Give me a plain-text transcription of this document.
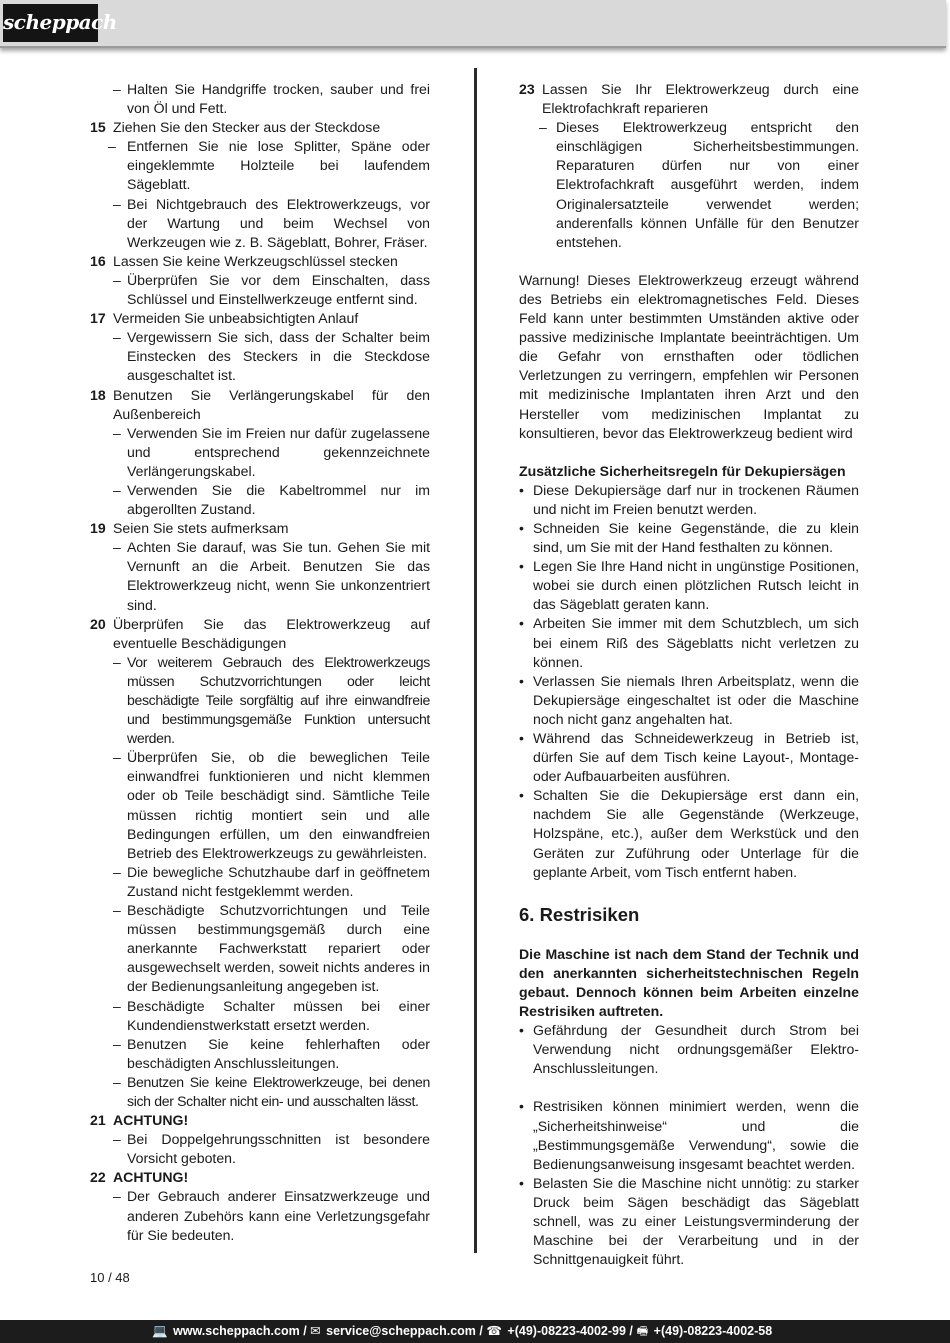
scheppach
– Halten Sie Handgriffe trocken, sauber und frei von Öl und Fett.
15 Ziehen Sie den Stecker aus der Steckdose
– Entfernen Sie nie lose Splitter, Späne oder eingeklemmte Holzteile bei laufendem Sägeblatt.
– Bei Nichtgebrauch des Elektrowerkzeugs, vor der Wartung und beim Wechsel von Werkzeugen wie z. B. Sägeblatt, Bohrer, Fräser.
16 Lassen Sie keine Werkzeugschlüssel stecken
– Überprüfen Sie vor dem Einschalten, dass Schlüssel und Einstellwerkzeuge entfernt sind.
17 Vermeiden Sie unbeabsichtigten Anlauf
– Vergewissern Sie sich, dass der Schalter beim Einstecken des Steckers in die Steckdose ausgeschaltet ist.
18 Benutzen Sie Verlängerungskabel für den Außenbereich
– Verwenden Sie im Freien nur dafür zugelassene und entsprechend gekennzeichnete Verlängerungskabel.
– Verwenden Sie die Kabeltrommel nur im abgerollten Zustand.
19 Seien Sie stets aufmerksam
– Achten Sie darauf, was Sie tun. Gehen Sie mit Vernunft an die Arbeit. Benutzen Sie das Elektrowerkzeug nicht, wenn Sie unkonzentriert sind.
20 Überprüfen Sie das Elektrowerkzeug auf eventuelle Beschädigungen
– Vor weiterem Gebrauch des Elektrowerkzeugs müssen Schutzvorrichtungen oder leicht beschädigte Teile sorgfältig auf ihre einwandfreie und bestimmungsgemäße Funktion untersucht werden.
– Überprüfen Sie, ob die beweglichen Teile einwandfrei funktionieren und nicht klemmen oder ob Teile beschädigt sind. Sämtliche Teile müssen richtig montiert sein und alle Bedingungen erfüllen, um den einwandfreien Betrieb des Elektrowerkzeugs zu gewährleisten.
– Die bewegliche Schutzhaube darf in geöffnetem Zustand nicht festgeklemmt werden.
– Beschädigte Schutzvorrichtungen und Teile müssen bestimmungsgemäß durch eine anerkannte Fachwerkstatt repariert oder ausgewechselt werden, soweit nichts anderes in der Bedienungsanleitung angegeben ist.
– Beschädigte Schalter müssen bei einer Kundendienstwerkstatt ersetzt werden.
– Benutzen Sie keine fehlerhaften oder beschädigten Anschlussleitungen.
– Benutzen Sie keine Elektrowerkzeuge, bei denen sich der Schalter nicht ein- und ausschalten lässt.
21 ACHTUNG!
– Bei Doppelgehrungsschnitten ist besondere Vorsicht geboten.
22 ACHTUNG!
– Der Gebrauch anderer Einsatzwerkzeuge und anderen Zubehörs kann eine Verletzungsgefahr für Sie bedeuten.
23 Lassen Sie Ihr Elektrowerkzeug durch eine Elektrofachkraft reparieren
– Dieses Elektrowerkzeug entspricht den einschlägigen Sicherheitsbestimmungen. Reparaturen dürfen nur von einer Elektrofachkraft ausgeführt werden, indem Originalersatzteile verwendet werden; anderenfalls können Unfälle für den Benutzer entstehen.
Warnung! Dieses Elektrowerkzeug erzeugt während des Betriebs ein elektromagnetisches Feld. Dieses Feld kann unter bestimmten Umständen aktive oder passive medizinische Implantate beeinträchtigen. Um die Gefahr von ernsthaften oder tödlichen Verletzungen zu verringern, empfehlen wir Personen mit medizinische Implantaten ihren Arzt und den Hersteller vom medizinischen Implantat zu konsultieren, bevor das Elektrowerkzeug bedient wird
Zusätzliche Sicherheitsregeln für Dekupiersägen
• Diese Dekupiersäge darf nur in trockenen Räumen und nicht im Freien benutzt werden.
• Schneiden Sie keine Gegenstände, die zu klein sind, um Sie mit der Hand festhalten zu können.
• Legen Sie Ihre Hand nicht in ungünstige Positionen, wobei sie durch einen plötzlichen Rutsch leicht in das Sägeblatt geraten kann.
• Arbeiten Sie immer mit dem Schutzblech, um sich bei einem Riß des Sägeblatts nicht verletzen zu können.
• Verlassen Sie niemals Ihren Arbeitsplatz, wenn die Dekupiersäge eingeschaltet ist oder die Maschine noch nicht ganz angehalten hat.
• Während das Schneidewerkzeug in Betrieb ist, dürfen Sie auf dem Tisch keine Layout-, Montage- oder Aufbauarbeiten ausführen.
• Schalten Sie die Dekupiersäge erst dann ein, nachdem Sie alle Gegenstände (Werkzeuge, Holzspäne, etc.), außer dem Werkstück und den Geräten zur Zuführung oder Unterlage für die geplante Arbeit, vom Tisch entfernt haben.
6. Restrisiken
Die Maschine ist nach dem Stand der Technik und den anerkannten sicherheitstechnischen Regeln gebaut. Dennoch können beim Arbeiten einzelne Restrisiken auftreten.
• Gefährdung der Gesundheit durch Strom bei Verwendung nicht ordnungsgemäßer Elektro-Anschlussleitungen.
• Restrisiken können minimiert werden, wenn die „Sicherheitshinweise“ und die „Bestimmungsgemäße Verwendung“, sowie die Bedienungsanweisung insgesamt beachtet werden.
• Belasten Sie die Maschine nicht unnötig: zu starker Druck beim Sägen beschädigt das Sägeblatt schnell, was zu einer Leistungsverminderung der Maschine bei der Verarbeitung und in der Schnittgenauigkeit führt.
10 / 48
💻 www.scheppach.com / ✉ service@scheppach.com / ☎ +(49)-08223-4002-99 / 🖷 +(49)-08223-4002-58
